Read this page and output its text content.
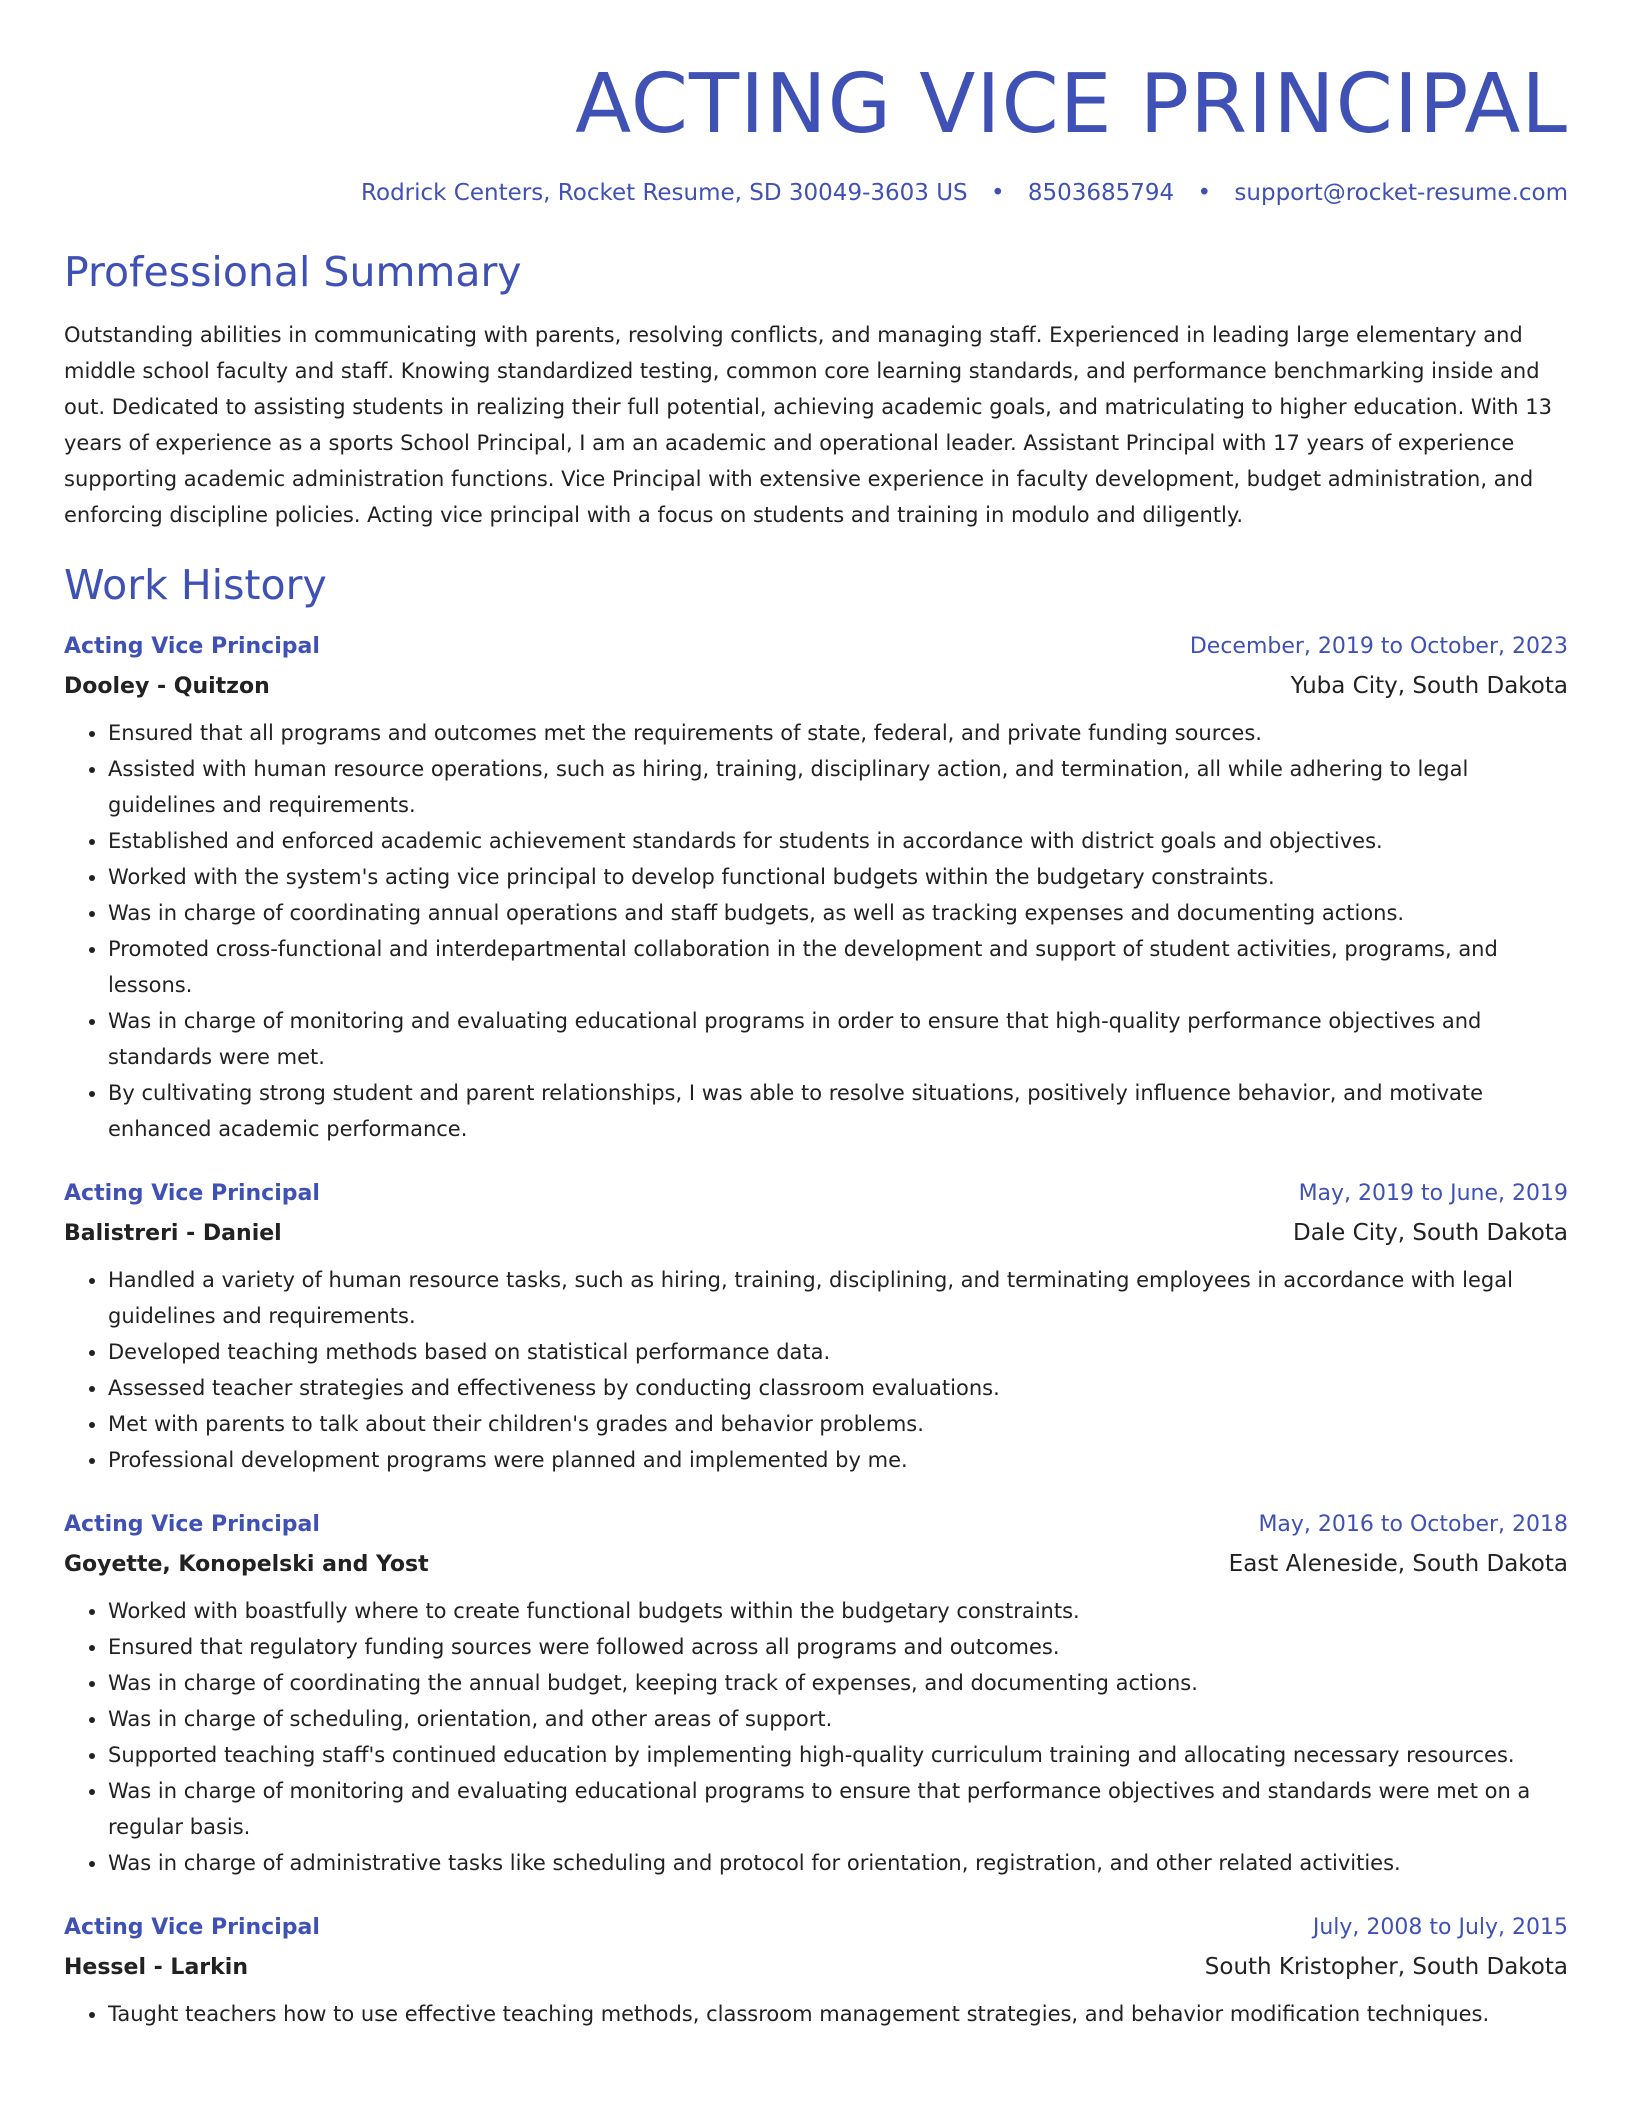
ACTING VICE PRINCIPAL
Rodrick Centers, Rocket Resume, SD 30049-3603 US • 8503685794 • support@rocket-resume.com
Professional Summary

Outstanding abilities in communicating with parents, resolving conflicts, and managing staff. Experienced in leading large elementary and middle school faculty and staff. Knowing standardized testing, common core learning standards, and performance benchmarking inside and out. Dedicated to assisting students in realizing their full potential, achieving academic goals, and matriculating to higher education. With 13 years of experience as a sports School Principal, I am an academic and operational leader. Assistant Principal with 17 years of experience supporting academic administration functions. Vice Principal with extensive experience in faculty development, budget administration, and enforcing discipline policies. Acting vice principal with a focus on students and training in modulo and diligently.

Work History
Acting Vice Principal	December, 2019 to October, 2023
Dooley - Quitzon	Yuba City, South Dakota
• Ensured that all programs and outcomes met the requirements of state, federal, and private funding sources.
• Assisted with human resource operations, such as hiring, training, disciplinary action, and termination, all while adhering to legal guidelines and requirements.
• Established and enforced academic achievement standards for students in accordance with district goals and objectives.
• Worked with the system's acting vice principal to develop functional budgets within the budgetary constraints.
• Was in charge of coordinating annual operations and staff budgets, as well as tracking expenses and documenting actions.
• Promoted cross-functional and interdepartmental collaboration in the development and support of student activities, programs, and lessons.
• Was in charge of monitoring and evaluating educational programs in order to ensure that high-quality performance objectives and standards were met.
• By cultivating strong student and parent relationships, I was able to resolve situations, positively influence behavior, and motivate enhanced academic performance.
Acting Vice Principal	May, 2019 to June, 2019
Balistreri - Daniel	Dale City, South Dakota
• Handled a variety of human resource tasks, such as hiring, training, disciplining, and terminating employees in accordance with legal guidelines and requirements.
• Developed teaching methods based on statistical performance data.
• Assessed teacher strategies and effectiveness by conducting classroom evaluations.
• Met with parents to talk about their children's grades and behavior problems.
• Professional development programs were planned and implemented by me.
Acting Vice Principal	May, 2016 to October, 2018
Goyette, Konopelski and Yost	East Aleneside, South Dakota
• Worked with boastfully where to create functional budgets within the budgetary constraints.
• Ensured that regulatory funding sources were followed across all programs and outcomes.
• Was in charge of coordinating the annual budget, keeping track of expenses, and documenting actions.
• Was in charge of scheduling, orientation, and other areas of support.
• Supported teaching staff's continued education by implementing high-quality curriculum training and allocating necessary resources.
• Was in charge of monitoring and evaluating educational programs to ensure that performance objectives and standards were met on a regular basis.
• Was in charge of administrative tasks like scheduling and protocol for orientation, registration, and other related activities.
Acting Vice Principal	July, 2008 to July, 2015
Hessel - Larkin	South Kristopher, South Dakota
• Taught teachers how to use effective teaching methods, classroom management strategies, and behavior modification techniques.
